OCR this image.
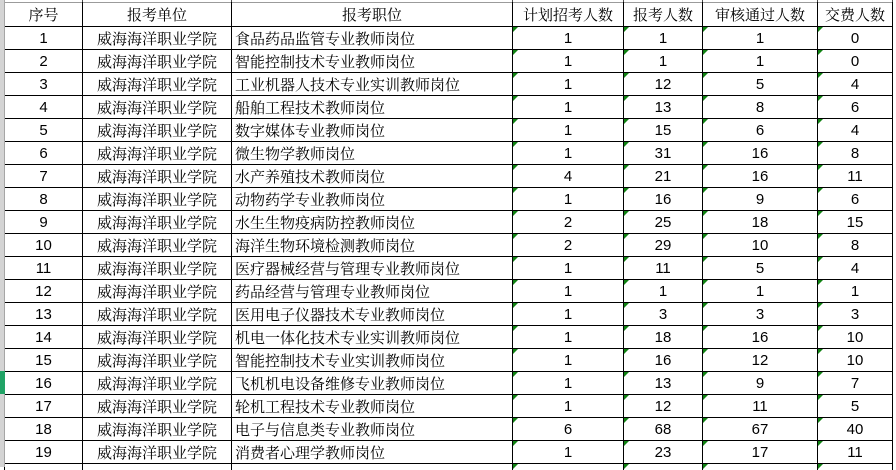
序号	报考单位	报考职位	计划招考人数	报考人数	审核通过人数	交费人数
1	威海海洋职业学院	食品药品监管专业教师岗位	1	1	1	0
2	威海海洋职业学院	智能控制技术专业教师岗位	1	1	1	0
3	威海海洋职业学院	工业机器人技术专业实训教师岗位	1	12	5	4
4	威海海洋职业学院	船舶工程技术教师岗位	1	13	8	6
5	威海海洋职业学院	数字媒体专业教师岗位	1	15	6	4
6	威海海洋职业学院	微生物学教师岗位	1	31	16	8
7	威海海洋职业学院	水产养殖技术教师岗位	4	21	16	11
8	威海海洋职业学院	动物药学专业教师岗位	1	16	9	6
9	威海海洋职业学院	水生生物疫病防控教师岗位	2	25	18	15
10	威海海洋职业学院	海洋生物环境检测教师岗位	2	29	10	8
11	威海海洋职业学院	医疗器械经营与管理专业教师岗位	1	11	5	4
12	威海海洋职业学院	药品经营与管理专业教师岗位	1	1	1	1
13	威海海洋职业学院	医用电子仪器技术专业教师岗位	1	3	3	3
14	威海海洋职业学院	机电一体化技术专业实训教师岗位	1	18	16	10
15	威海海洋职业学院	智能控制技术专业实训教师岗位	1	16	12	10
16	威海海洋职业学院	飞机机电设备维修专业教师岗位	1	13	9	7
17	威海海洋职业学院	轮机工程技术专业教师岗位	1	12	11	5
18	威海海洋职业学院	电子与信息类专业教师岗位	6	68	67	40
19	威海海洋职业学院	消费者心理学教师岗位	1	23	17	11
